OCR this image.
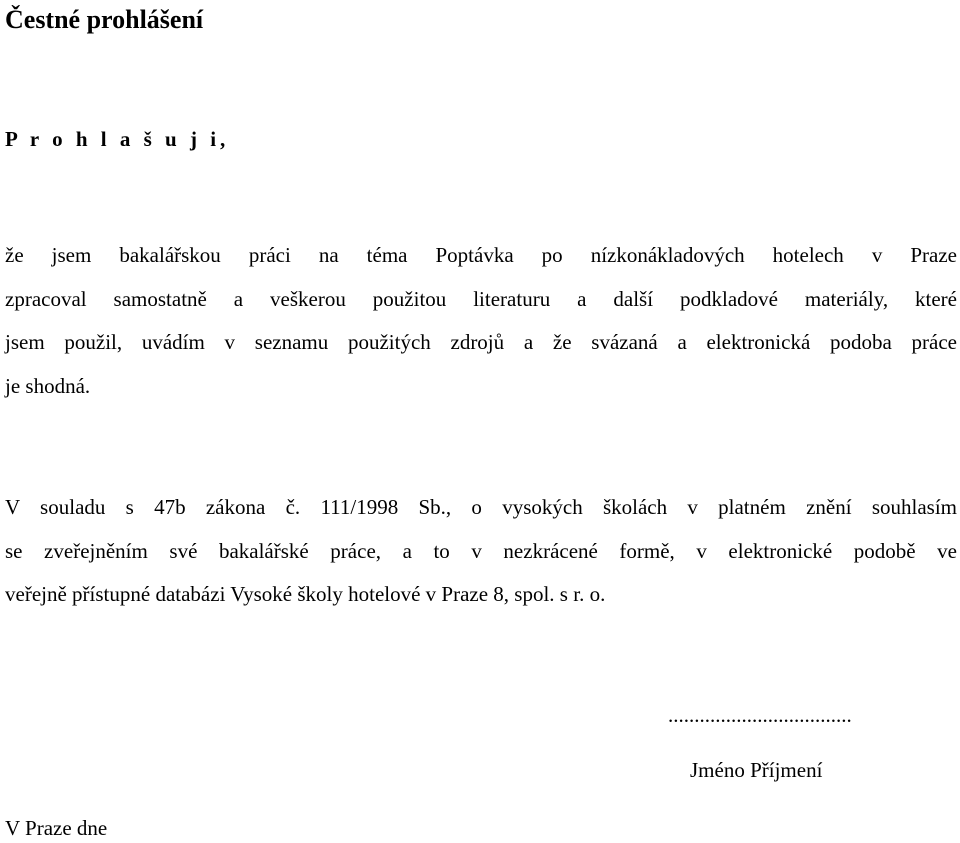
Čestné prohlášení
P r o h l a š u j i,
že jsem bakalářskou práci na téma Poptávka po nízkonákladových hotelech v Praze
zpracoval samostatně a veškerou použitou literaturu a další podkladové materiály, které
jsem použil, uvádím v seznamu použitých zdrojů a že svázaná a elektronická podoba práce
je shodná.
V souladu s 47b zákona č. 111/1998 Sb., o vysokých školách v platném znění souhlasím
se zveřejněním své bakalářské práce, a to v nezkrácené formě, v elektronické podobě ve
veřejně přístupné databázi Vysoké školy hotelové v Praze 8, spol. s r. o.
...................................
Jméno Příjmení
V Praze dne
